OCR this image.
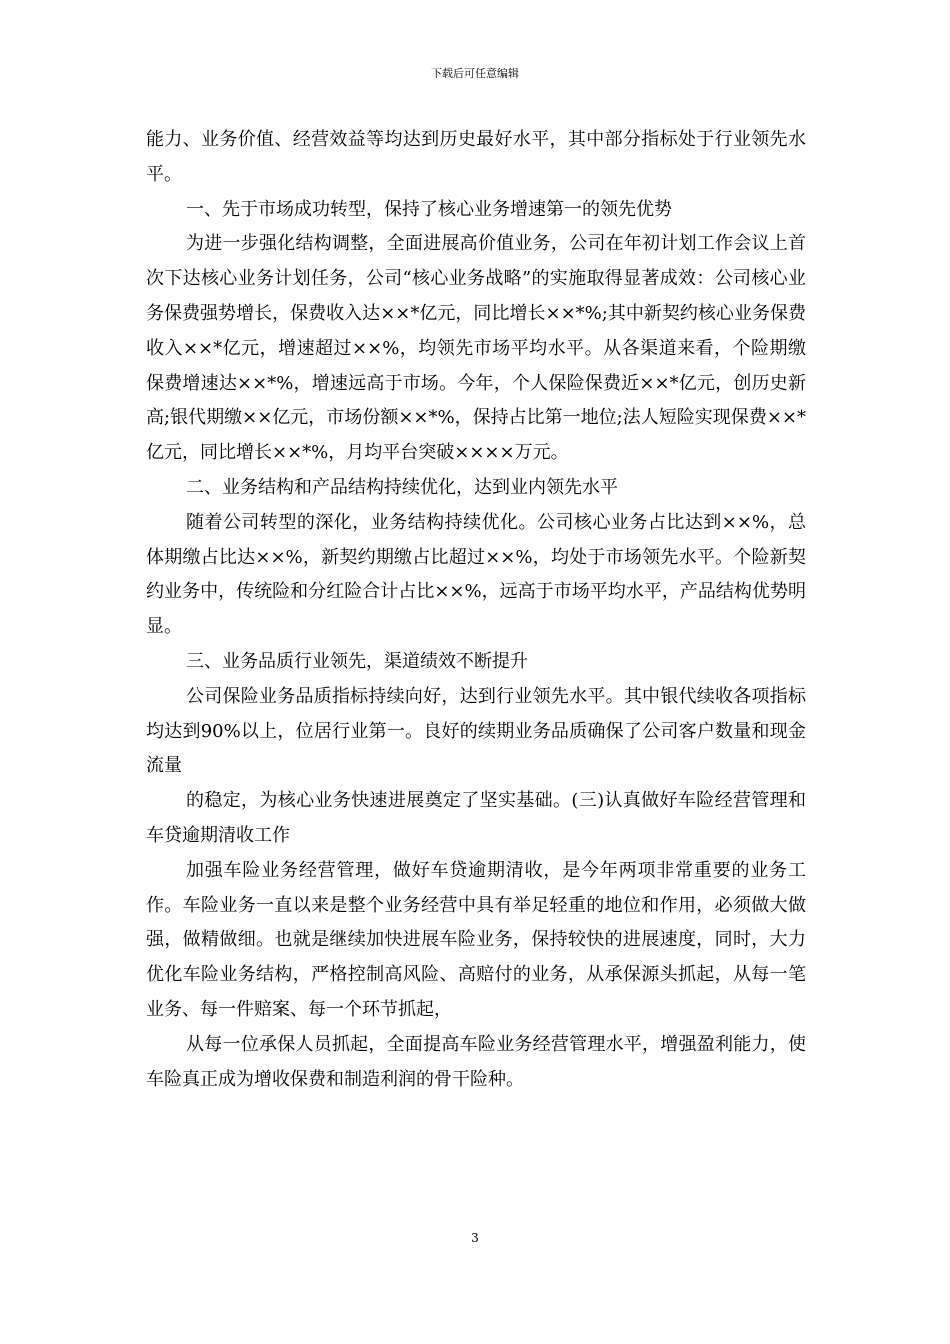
下载后可任意编辑

能力、业务价值、经营效益等均达到历史最好水平，其中部分指标处于行业领先水平。

一、先于市场成功转型，保持了核心业务增速第一的领先优势

为进一步强化结构调整，全面进展高价值业务，公司在年初计划工作会议上首次下达核心业务计划任务，公司“核心业务战略”的实施取得显著成效：公司核心业务保费强势增长，保费收入达××*亿元，同比增长××*%;其中新契约核心业务保费收入××*亿元，增速超过××%，均领先市场平均水平。从各渠道来看，个险期缴保费增速达××*%，增速远高于市场。今年，个人保险保费近××*亿元，创历史新高;银代期缴××亿元，市场份额××*%，保持占比第一地位;法人短险实现保费××*亿元，同比增长××*%，月均平台突破××××万元。

二、业务结构和产品结构持续优化，达到业内领先水平

随着公司转型的深化，业务结构持续优化。公司核心业务占比达到××%，总体期缴占比达××%，新契约期缴占比超过××%，均处于市场领先水平。个险新契约业务中，传统险和分红险合计占比××%，远高于市场平均水平，产品结构优势明显。

三、业务品质行业领先，渠道绩效不断提升

公司保险业务品质指标持续向好，达到行业领先水平。其中银代续收各项指标均达到90%以上，位居行业第一。良好的续期业务品质确保了公司客户数量和现金流量

的稳定，为核心业务快速进展奠定了坚实基础。(三)认真做好车险经营管理和车贷逾期清收工作

加强车险业务经营管理，做好车贷逾期清收，是今年两项非常重要的业务工作。车险业务一直以来是整个业务经营中具有举足轻重的地位和作用，必须做大做强，做精做细。也就是继续加快进展车险业务，保持较快的进展速度，同时，大力优化车险业务结构，严格控制高风险、高赔付的业务，从承保源头抓起，从每一笔业务、每一件赔案、每一个环节抓起，

从每一位承保人员抓起，全面提高车险业务经营管理水平，增强盈利能力，使车险真正成为增收保费和制造利润的骨干险种。

3
